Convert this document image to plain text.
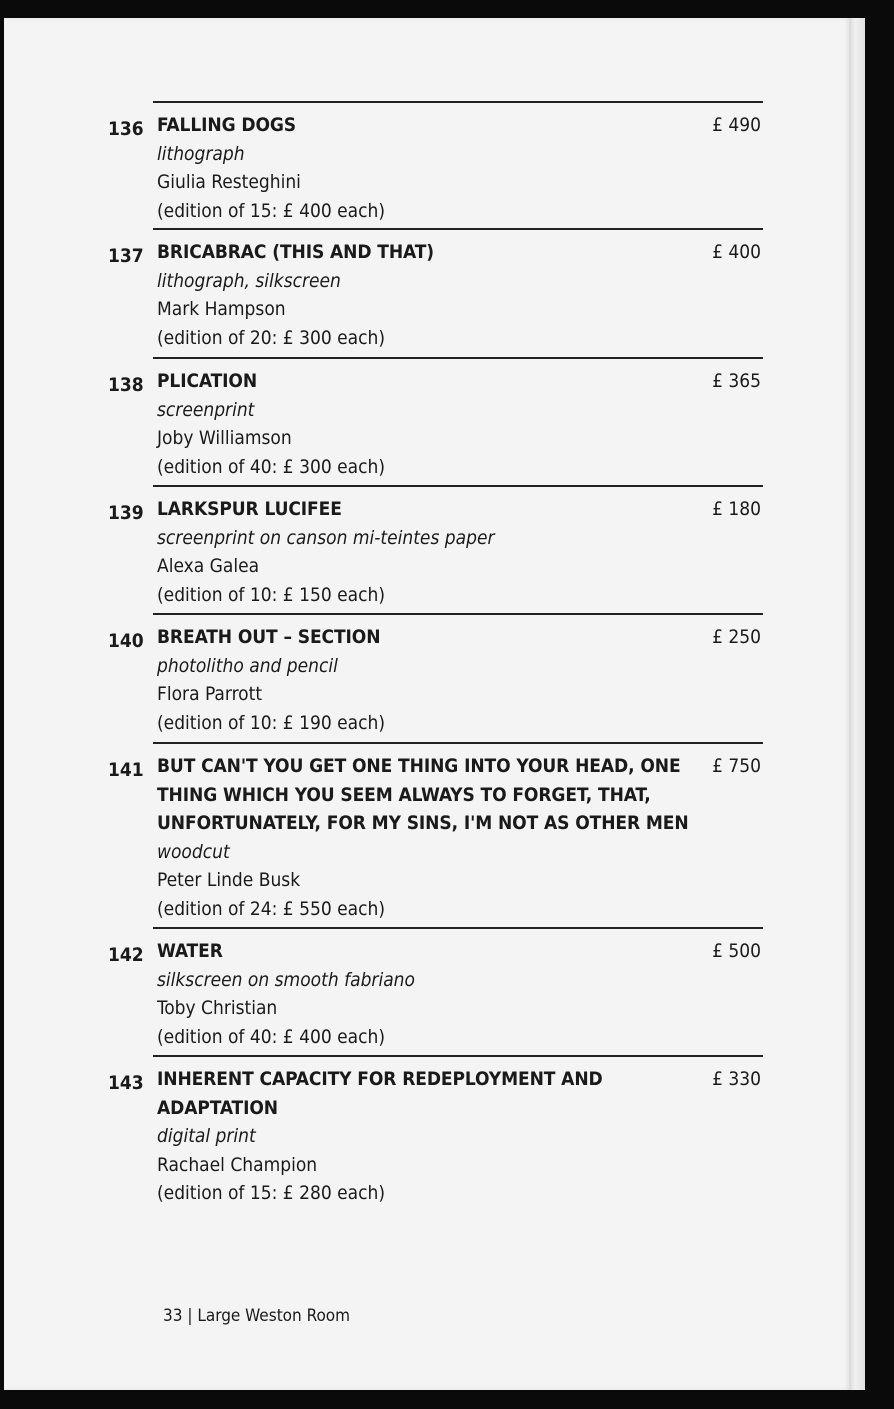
136 FALLING DOGS
lithograph
Giulia Resteghini
(edition of 15: £ 400 each)
£ 490
137 BRICABRAC (THIS AND THAT)
lithograph, silkscreen
Mark Hampson
(edition of 20: £ 300 each)
£ 400
138 PLICATION
screenprint
Joby Williamson
(edition of 40: £ 300 each)
£ 365
139 LARKSPUR LUCIFEE
screenprint on canson mi-teintes paper
Alexa Galea
(edition of 10: £ 150 each)
£ 180
140 BREATH OUT – SECTION
photolitho and pencil
Flora Parrott
(edition of 10: £ 190 each)
£ 250
141 BUT CAN'T YOU GET ONE THING INTO YOUR HEAD, ONE THING WHICH YOU SEEM ALWAYS TO FORGET, THAT, UNFORTUNATELY, FOR MY SINS, I'M NOT AS OTHER MEN
woodcut
Peter Linde Busk
(edition of 24: £ 550 each)
£ 750
142 WATER
silkscreen on smooth fabriano
Toby Christian
(edition of 40: £ 400 each)
£ 500
143 INHERENT CAPACITY FOR REDEPLOYMENT AND ADAPTATION
digital print
Rachael Champion
(edition of 15: £ 280 each)
£ 330
33 | Large Weston Room
